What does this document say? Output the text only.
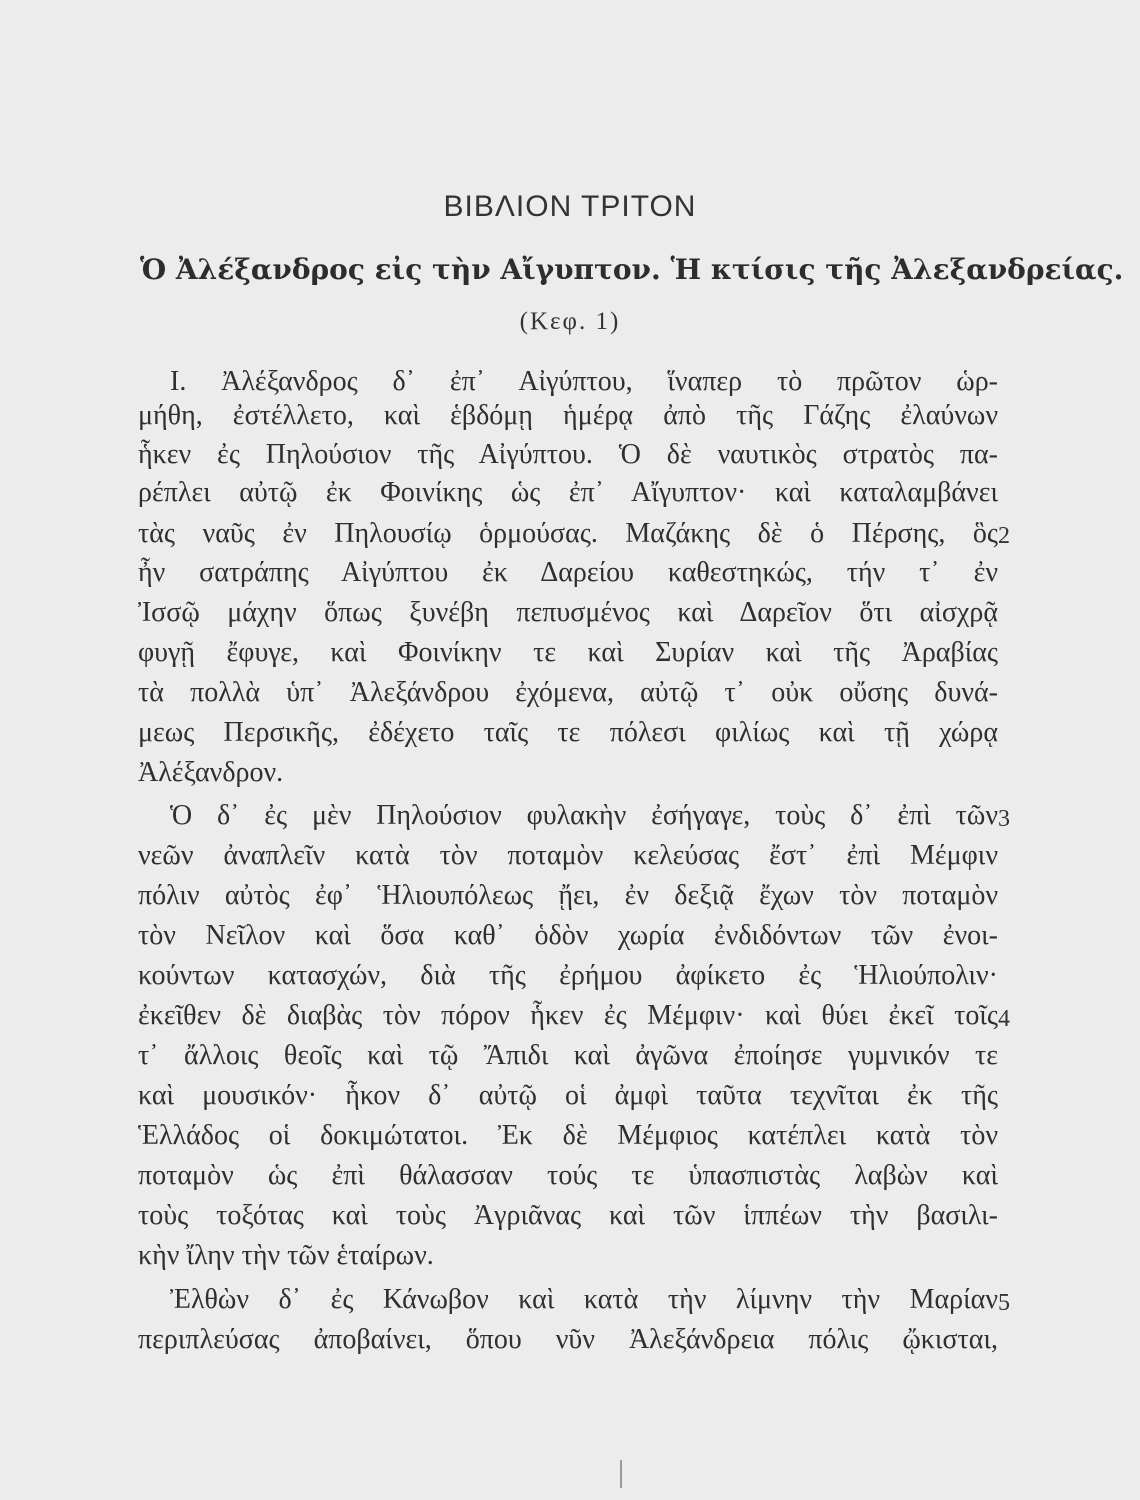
ΒΙΒΛΙΟΝ ΤΡΙΤΟΝ
Ὁ Ἀλέξανδρος εἰς τὴν Αἴγυπτον. Ἡ κτίσις τῆς Ἀλεξανδρείας.
(Κεφ. 1)
I. Ἀλέξανδρος δ᾽ ἐπ᾽ Αἰγύπτου, ἵναπερ τὸ πρῶτον ὡρ-
μήθη, ἐστέλλετο, καὶ ἑβδόμῃ ἡμέρᾳ ἀπὸ τῆς Γάζης ἐλαύνων
ἧκεν ἐς Πηλούσιον τῆς Αἰγύπτου. Ὁ δὲ ναυτικὸς στρατὸς πα-
ρέπλει αὐτῷ ἐκ Φοινίκης ὡς ἐπ᾽ Αἴγυπτον· καὶ καταλαμβάνει
τὰς ναῦς ἐν Πηλουσίῳ ὁρμούσας. Μαζάκης δὲ ὁ Πέρσης, ὃς
ἦν σατράπης Αἰγύπτου ἐκ Δαρείου καθεστηκώς, τήν τ᾽ ἐν
Ἰσσῷ μάχην ὅπως ξυνέβη πεπυσμένος καὶ Δαρεῖον ὅτι αἰσχρᾷ
φυγῇ ἔφυγε, καὶ Φοινίκην τε καὶ Συρίαν καὶ τῆς Ἀραβίας
τὰ πολλὰ ὑπ᾽ Ἀλεξάνδρου ἐχόμενα, αὐτῷ τ᾽ οὐκ οὔσης δυνά-
μεως Περσικῆς, ἐδέχετο ταῖς τε πόλεσι φιλίως καὶ τῇ χώρᾳ
Ἀλέξανδρον.
Ὁ δ᾽ ἐς μὲν Πηλούσιον φυλακὴν ἐσήγαγε, τοὺς δ᾽ ἐπὶ τῶν
νεῶν ἀναπλεῖν κατὰ τὸν ποταμὸν κελεύσας ἔστ᾽ ἐπὶ Μέμφιν
πόλιν αὐτὸς ἐφ᾽ Ἡλιουπόλεως ᾔει, ἐν δεξιᾷ ἔχων τὸν ποταμὸν
τὸν Νεῖλον καὶ ὅσα καθ᾽ ὁδὸν χωρία ἐνδιδόντων τῶν ἐνοι-
κούντων κατασχών, διὰ τῆς ἐρήμου ἀφίκετο ἐς Ἡλιούπολιν·
ἐκεῖθεν δὲ διαβὰς τὸν πόρον ἧκεν ἐς Μέμφιν· καὶ θύει ἐκεῖ τοῖς
τ᾽ ἄλλοις θεοῖς καὶ τῷ Ἄπιδι καὶ ἀγῶνα ἐποίησε γυμνικόν τε
καὶ μουσικόν· ἧκον δ᾽ αὐτῷ οἱ ἀμφὶ ταῦτα τεχνῖται ἐκ τῆς
Ἑλλάδος οἱ δοκιμώτατοι. Ἐκ δὲ Μέμφιος κατέπλει κατὰ τὸν
ποταμὸν ὡς ἐπὶ θάλασσαν τούς τε ὑπασπιστὰς λαβὼν καὶ
τοὺς τοξότας καὶ τοὺς Ἀγριᾶνας καὶ τῶν ἱππέων τὴν βασιλι-
κὴν ἴλην τὴν τῶν ἑταίρων.
Ἐλθὼν δ᾽ ἐς Κάνωβον καὶ κατὰ τὴν λίμνην τὴν Μαρίαν
περιπλεύσας ἀποβαίνει, ὅπου νῦν Ἀλεξάνδρεια πόλις ᾤκισται,
2
3
4
5
